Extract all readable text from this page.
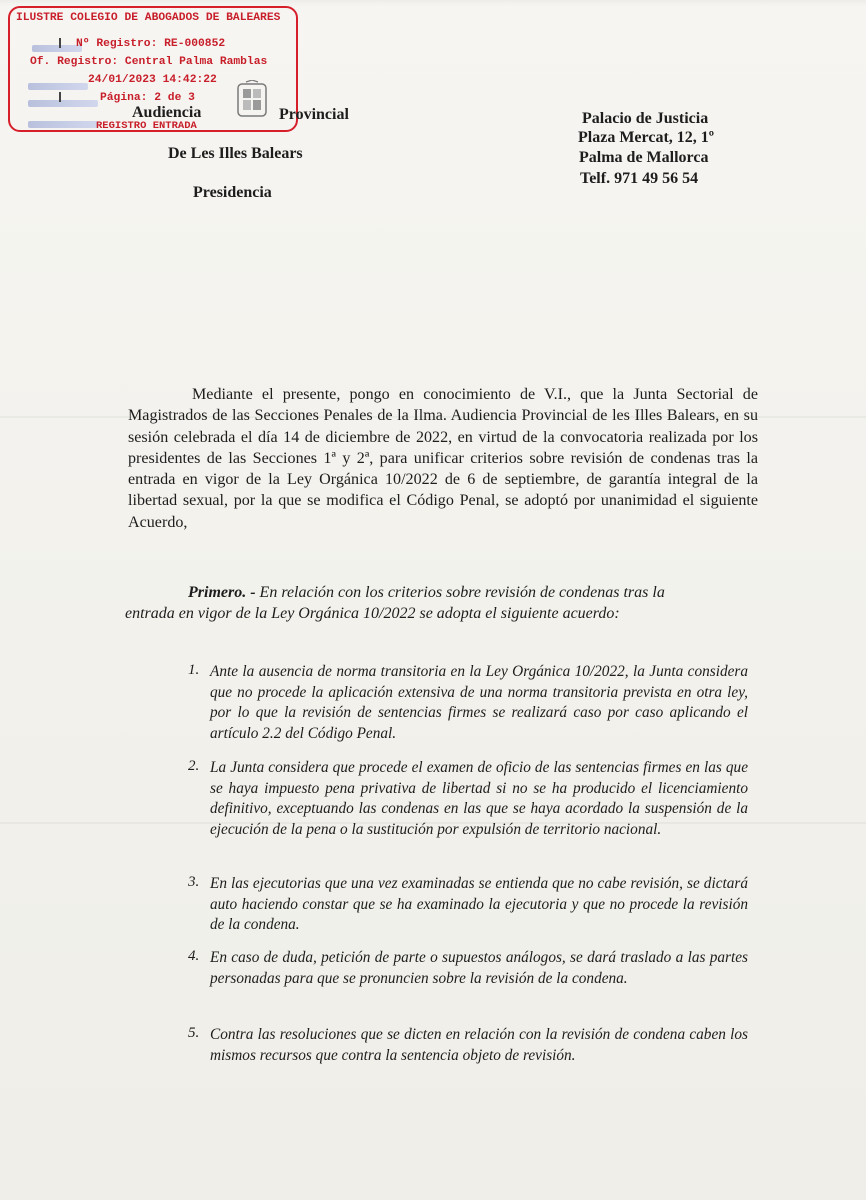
ILUSTRE COLEGIO DE ABOGADOS DE BALEARES
Nº Registro: RE-000852
Of. Registro: Central Palma Ramblas
24/01/2023 14:42:22
Página: 2 de 3
REGISTRO ENTRADA
Audiencia	Provincial
De Les Illes Balears
Presidencia
Palacio de Justicia
Plaza Mercat, 12, 1º
Palma de Mallorca
Telf. 971 49 56 54
Mediante el presente, pongo en conocimiento de V.I., que la Junta Sectorial de Magistrados de las Secciones Penales de la Ilma. Audiencia Provincial de les Illes Balears, en su sesión celebrada el día 14 de diciembre de 2022, en virtud de la convocatoria realizada por los presidentes de las Secciones 1ª y 2ª, para unificar criterios sobre revisión de condenas tras la entrada en vigor de la Ley Orgánica 10/2022 de 6 de septiembre, de garantía integral de la libertad sexual, por la que se modifica el Código Penal, se adoptó por unanimidad el siguiente Acuerdo,
Primero. - En relación con los criterios sobre revisión de condenas tras la
entrada en vigor de la Ley Orgánica 10/2022 se adopta el siguiente acuerdo:
1. Ante la ausencia de norma transitoria en la Ley Orgánica 10/2022, la Junta considera que no procede la aplicación extensiva de una norma transitoria prevista en otra ley, por lo que la revisión de sentencias firmes se realizará caso por caso aplicando el artículo 2.2 del Código Penal.
2. La Junta considera que procede el examen de oficio de las sentencias firmes en las que se haya impuesto pena privativa de libertad si no se ha producido el licenciamiento definitivo, exceptuando las condenas en las que se haya acordado la suspensión de la ejecución de la pena o la sustitución por expulsión de territorio nacional.
3. En las ejecutorias que una vez examinadas se entienda que no cabe revisión, se dictará auto haciendo constar que se ha examinado la ejecutoria y que no procede la revisión de la condena.
4. En caso de duda, petición de parte o supuestos análogos, se dará traslado a las partes personadas para que se pronuncien sobre la revisión de la condena.
5. Contra las resoluciones que se dicten en relación con la revisión de condena caben los mismos recursos que contra la sentencia objeto de revisión.
